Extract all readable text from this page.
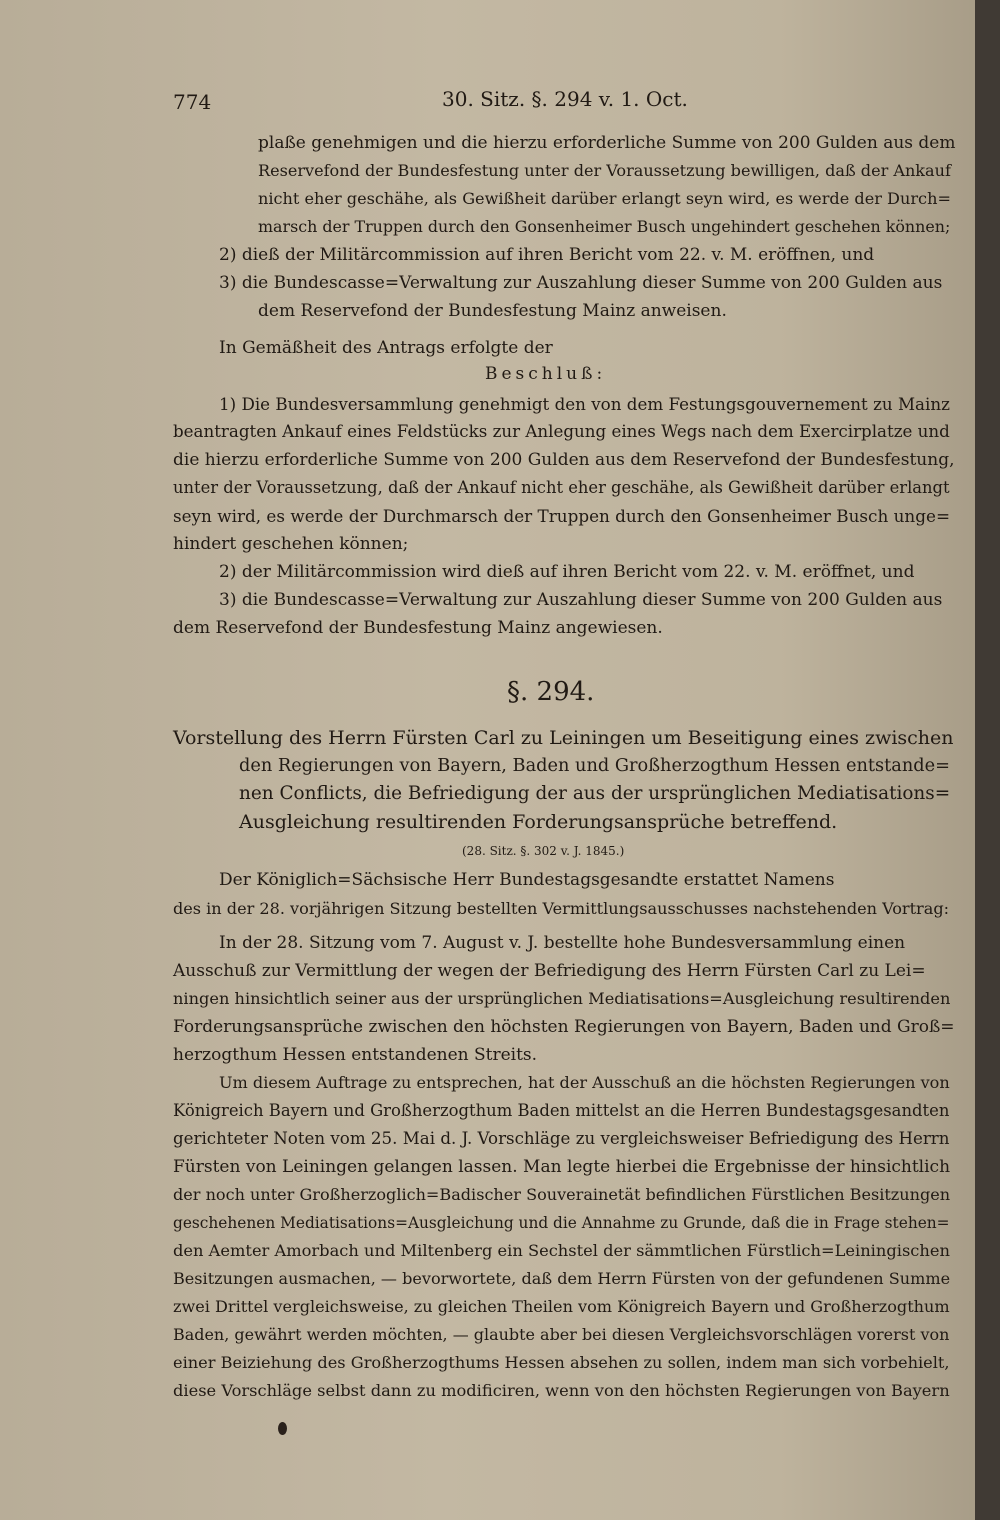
774	30. Sitz. §. 294 v. 1. Oct.
plaße genehmigen und die hierzu erforderliche Summe von 200 Gulden aus dem
Reservefond der Bundesfestung unter der Voraussetzung bewilligen, daß der Ankauf
nicht eher geschähe, als Gewißheit darüber erlangt seyn wird, es werde der Durch=
marsch der Truppen durch den Gonsenheimer Busch ungehindert geschehen können;
2) dieß der Militärcommission auf ihren Bericht vom 22. v. M. eröffnen, und
3) die Bundescasse=Verwaltung zur Auszahlung dieser Summe von 200 Gulden aus
dem Reservefond der Bundesfestung Mainz anweisen.
In Gemäßheit des Antrags erfolgte der
Beschluß:
1) Die Bundesversammlung genehmigt den von dem Festungsgouvernement zu Mainz
beantragten Ankauf eines Feldstücks zur Anlegung eines Wegs nach dem Exercirplatze und
die hierzu erforderliche Summe von 200 Gulden aus dem Reservefond der Bundesfestung,
unter der Voraussetzung, daß der Ankauf nicht eher geschähe, als Gewißheit darüber erlangt
seyn wird, es werde der Durchmarsch der Truppen durch den Gonsenheimer Busch unge=
hindert geschehen können;
2) der Militärcommission wird dieß auf ihren Bericht vom 22. v. M. eröffnet, und
3) die Bundescasse=Verwaltung zur Auszahlung dieser Summe von 200 Gulden aus
dem Reservefond der Bundesfestung Mainz angewiesen.
§. 294.
Vorstellung des Herrn Fürsten Carl zu Leiningen um Beseitigung eines zwischen
den Regierungen von Bayern, Baden und Großherzogthum Hessen entstande=
nen Conflicts, die Befriedigung der aus der ursprünglichen Mediatisations=
Ausgleichung resultirenden Forderungsansprüche betreffend.
(28. Sitz. §. 302 v. J. 1845.)
Der Königlich=Sächsische Herr Bundestagsgesandte erstattet Namens
des in der 28. vorjährigen Sitzung bestellten Vermittlungsausschusses nachstehenden Vortrag:
In der 28. Sitzung vom 7. August v. J. bestellte hohe Bundesversammlung einen
Ausschuß zur Vermittlung der wegen der Befriedigung des Herrn Fürsten Carl zu Lei=
ningen hinsichtlich seiner aus der ursprünglichen Mediatisations=Ausgleichung resultirenden
Forderungsansprüche zwischen den höchsten Regierungen von Bayern, Baden und Groß=
herzogthum Hessen entstandenen Streits.
Um diesem Auftrage zu entsprechen, hat der Ausschuß an die höchsten Regierungen von
Königreich Bayern und Großherzogthum Baden mittelst an die Herren Bundestagsgesandten
gerichteter Noten vom 25. Mai d. J. Vorschläge zu vergleichsweiser Befriedigung des Herrn
Fürsten von Leiningen gelangen lassen. Man legte hierbei die Ergebnisse der hinsichtlich
der noch unter Großherzoglich=Badischer Souverainetät befindlichen Fürstlichen Besitzungen
geschehenen Mediatisations=Ausgleichung und die Annahme zu Grunde, daß die in Frage stehen=
den Aemter Amorbach und Miltenberg ein Sechstel der sämmtlichen Fürstlich=Leiningischen
Besitzungen ausmachen, — bevorwortete, daß dem Herrn Fürsten von der gefundenen Summe
zwei Drittel vergleichsweise, zu gleichen Theilen vom Königreich Bayern und Großherzogthum
Baden, gewährt werden möchten, — glaubte aber bei diesen Vergleichsvorschlägen vorerst von
einer Beiziehung des Großherzogthums Hessen absehen zu sollen, indem man sich vorbehielt,
diese Vorschläge selbst dann zu modificiren, wenn von den höchsten Regierungen von Bayern
